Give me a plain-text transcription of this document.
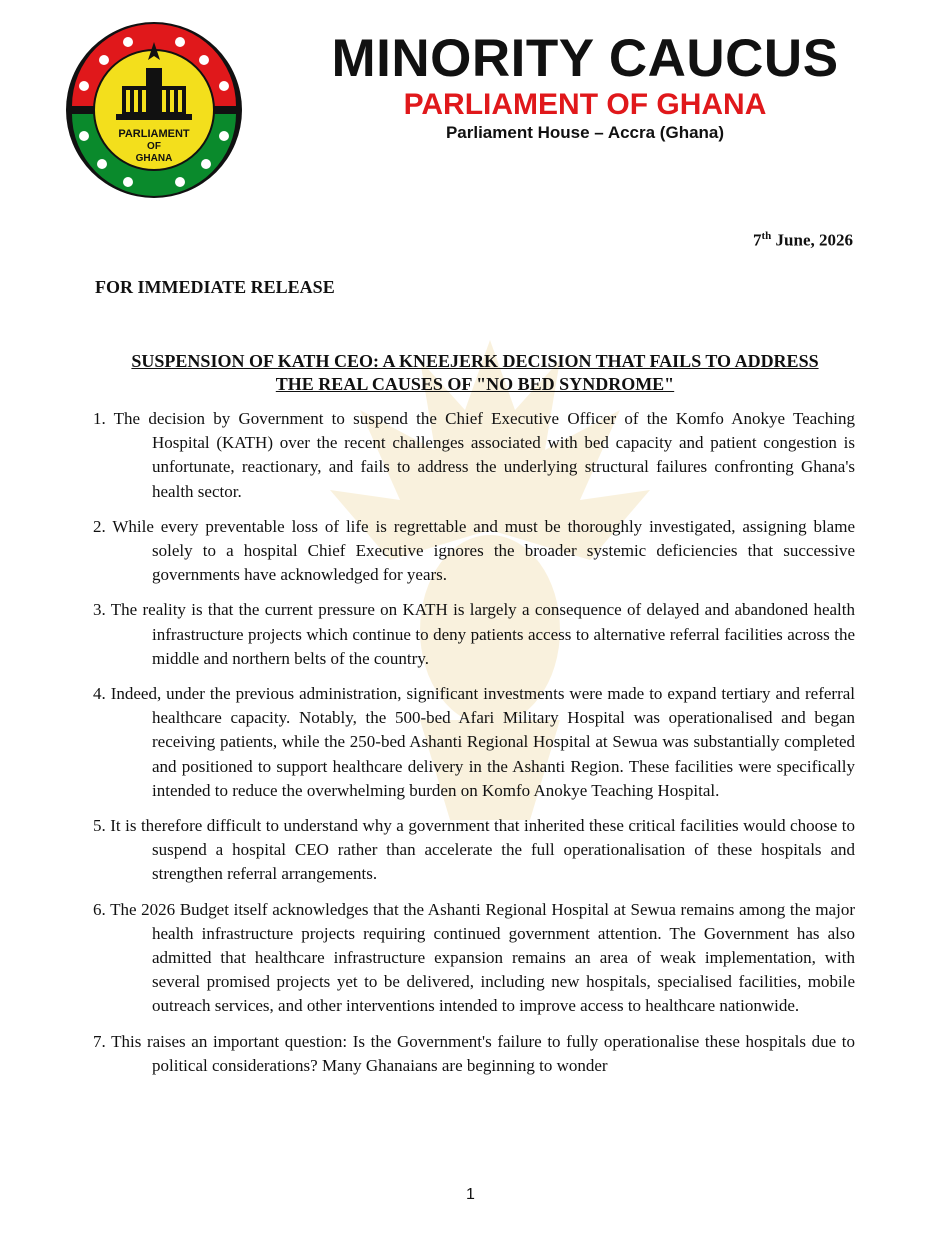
PARLIAMENT
OF
GHANA
MINORITY CAUCUS
PARLIAMENT OF GHANA
Parliament House – Accra (Ghana)
7th June, 2026
FOR IMMEDIATE RELEASE
SUSPENSION OF KATH CEO: A KNEEJERK DECISION THAT FAILS TO ADDRESS
THE REAL CAUSES OF "NO BED SYNDROME"

1. The decision by Government to suspend the Chief Executive Officer of the Komfo Anokye Teaching Hospital (KATH) over the recent challenges associated with bed capacity and patient congestion is unfortunate, reactionary, and fails to address the underlying structural failures confronting Ghana's health sector.

2. While every preventable loss of life is regrettable and must be thoroughly investigated, assigning blame solely to a hospital Chief Executive ignores the broader systemic deficiencies that successive governments have acknowledged for years.

3. The reality is that the current pressure on KATH is largely a consequence of delayed and abandoned health infrastructure projects which continue to deny patients access to alternative referral facilities across the middle and northern belts of the country.

4. Indeed, under the previous administration, significant investments were made to expand tertiary and referral healthcare capacity. Notably, the 500-bed Afari Military Hospital was operationalised and began receiving patients, while the 250-bed Ashanti Regional Hospital at Sewua was substantially completed and positioned to support healthcare delivery in the Ashanti Region. These facilities were specifically intended to reduce the overwhelming burden on Komfo Anokye Teaching Hospital.

5. It is therefore difficult to understand why a government that inherited these critical facilities would choose to suspend a hospital CEO rather than accelerate the full operationalisation of these hospitals and strengthen referral arrangements.

6. The 2026 Budget itself acknowledges that the Ashanti Regional Hospital at Sewua remains among the major health infrastructure projects requiring continued government attention. The Government has also admitted that healthcare infrastructure expansion remains an area of weak implementation, with several promised projects yet to be delivered, including new hospitals, specialised facilities, mobile outreach services, and other interventions intended to improve access to healthcare nationwide.

7. This raises an important question: Is the Government's failure to fully operationalise these hospitals due to political considerations? Many Ghanaians are beginning to wonder

1
